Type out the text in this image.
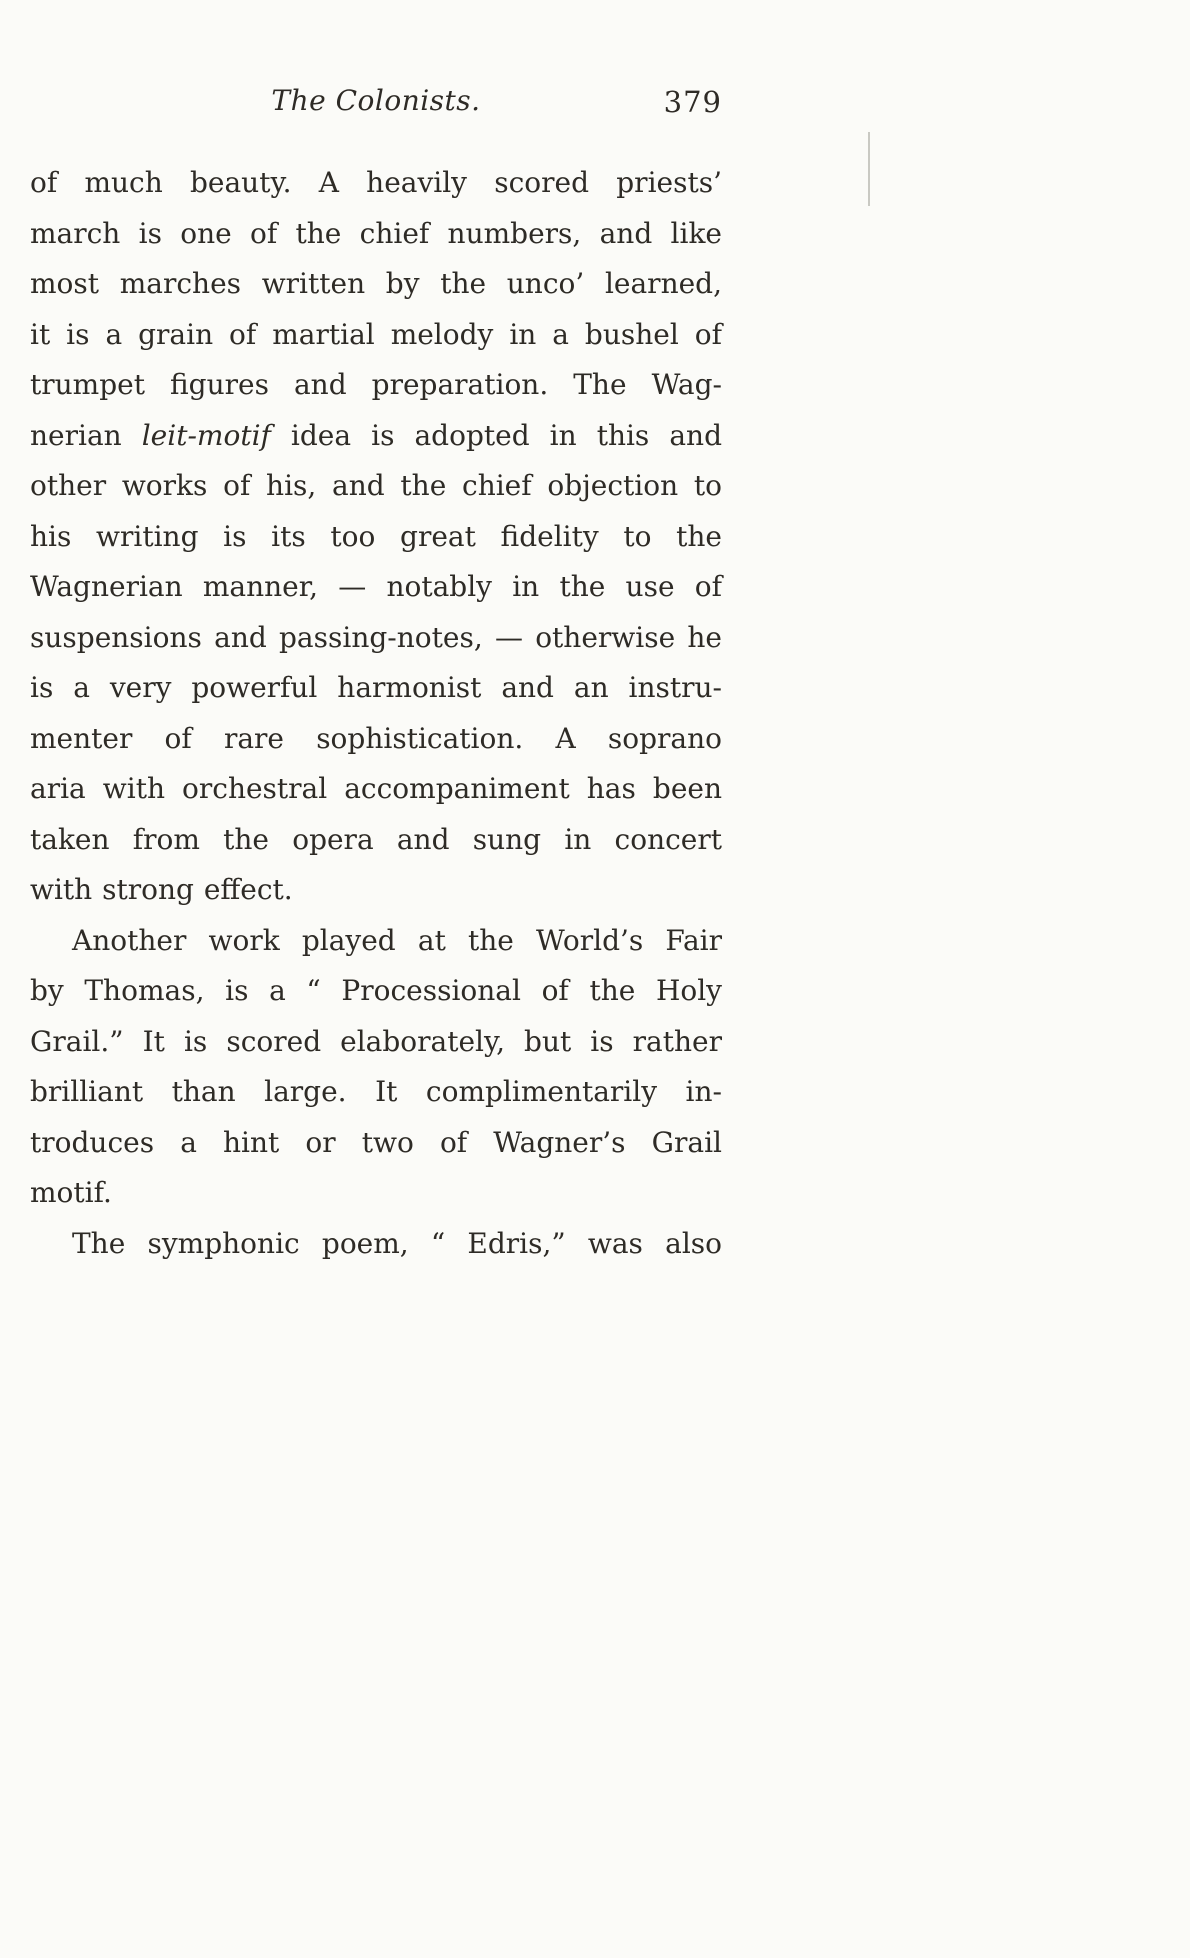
The Colonists.	379
of much beauty. A heavily scored priests’
march is one of the chief numbers, and like
most marches written by the unco’ learned,
it is a grain of martial melody in a bushel of
trumpet figures and preparation. The Wag-
nerian leit-motif idea is adopted in this and
other works of his, and the chief objection to
his writing is its too great fidelity to the
Wagnerian manner, — notably in the use of
suspensions and passing-notes, — otherwise he
is a very powerful harmonist and an instru-
menter of rare sophistication. A soprano
aria with orchestral accompaniment has been
taken from the opera and sung in concert
with strong effect.
Another work played at the World’s Fair
by Thomas, is a “ Processional of the Holy
Grail.” It is scored elaborately, but is rather
brilliant than large. It complimentarily in-
troduces a hint or two of Wagner’s Grail
motif.
The symphonic poem, “ Edris,” was also
